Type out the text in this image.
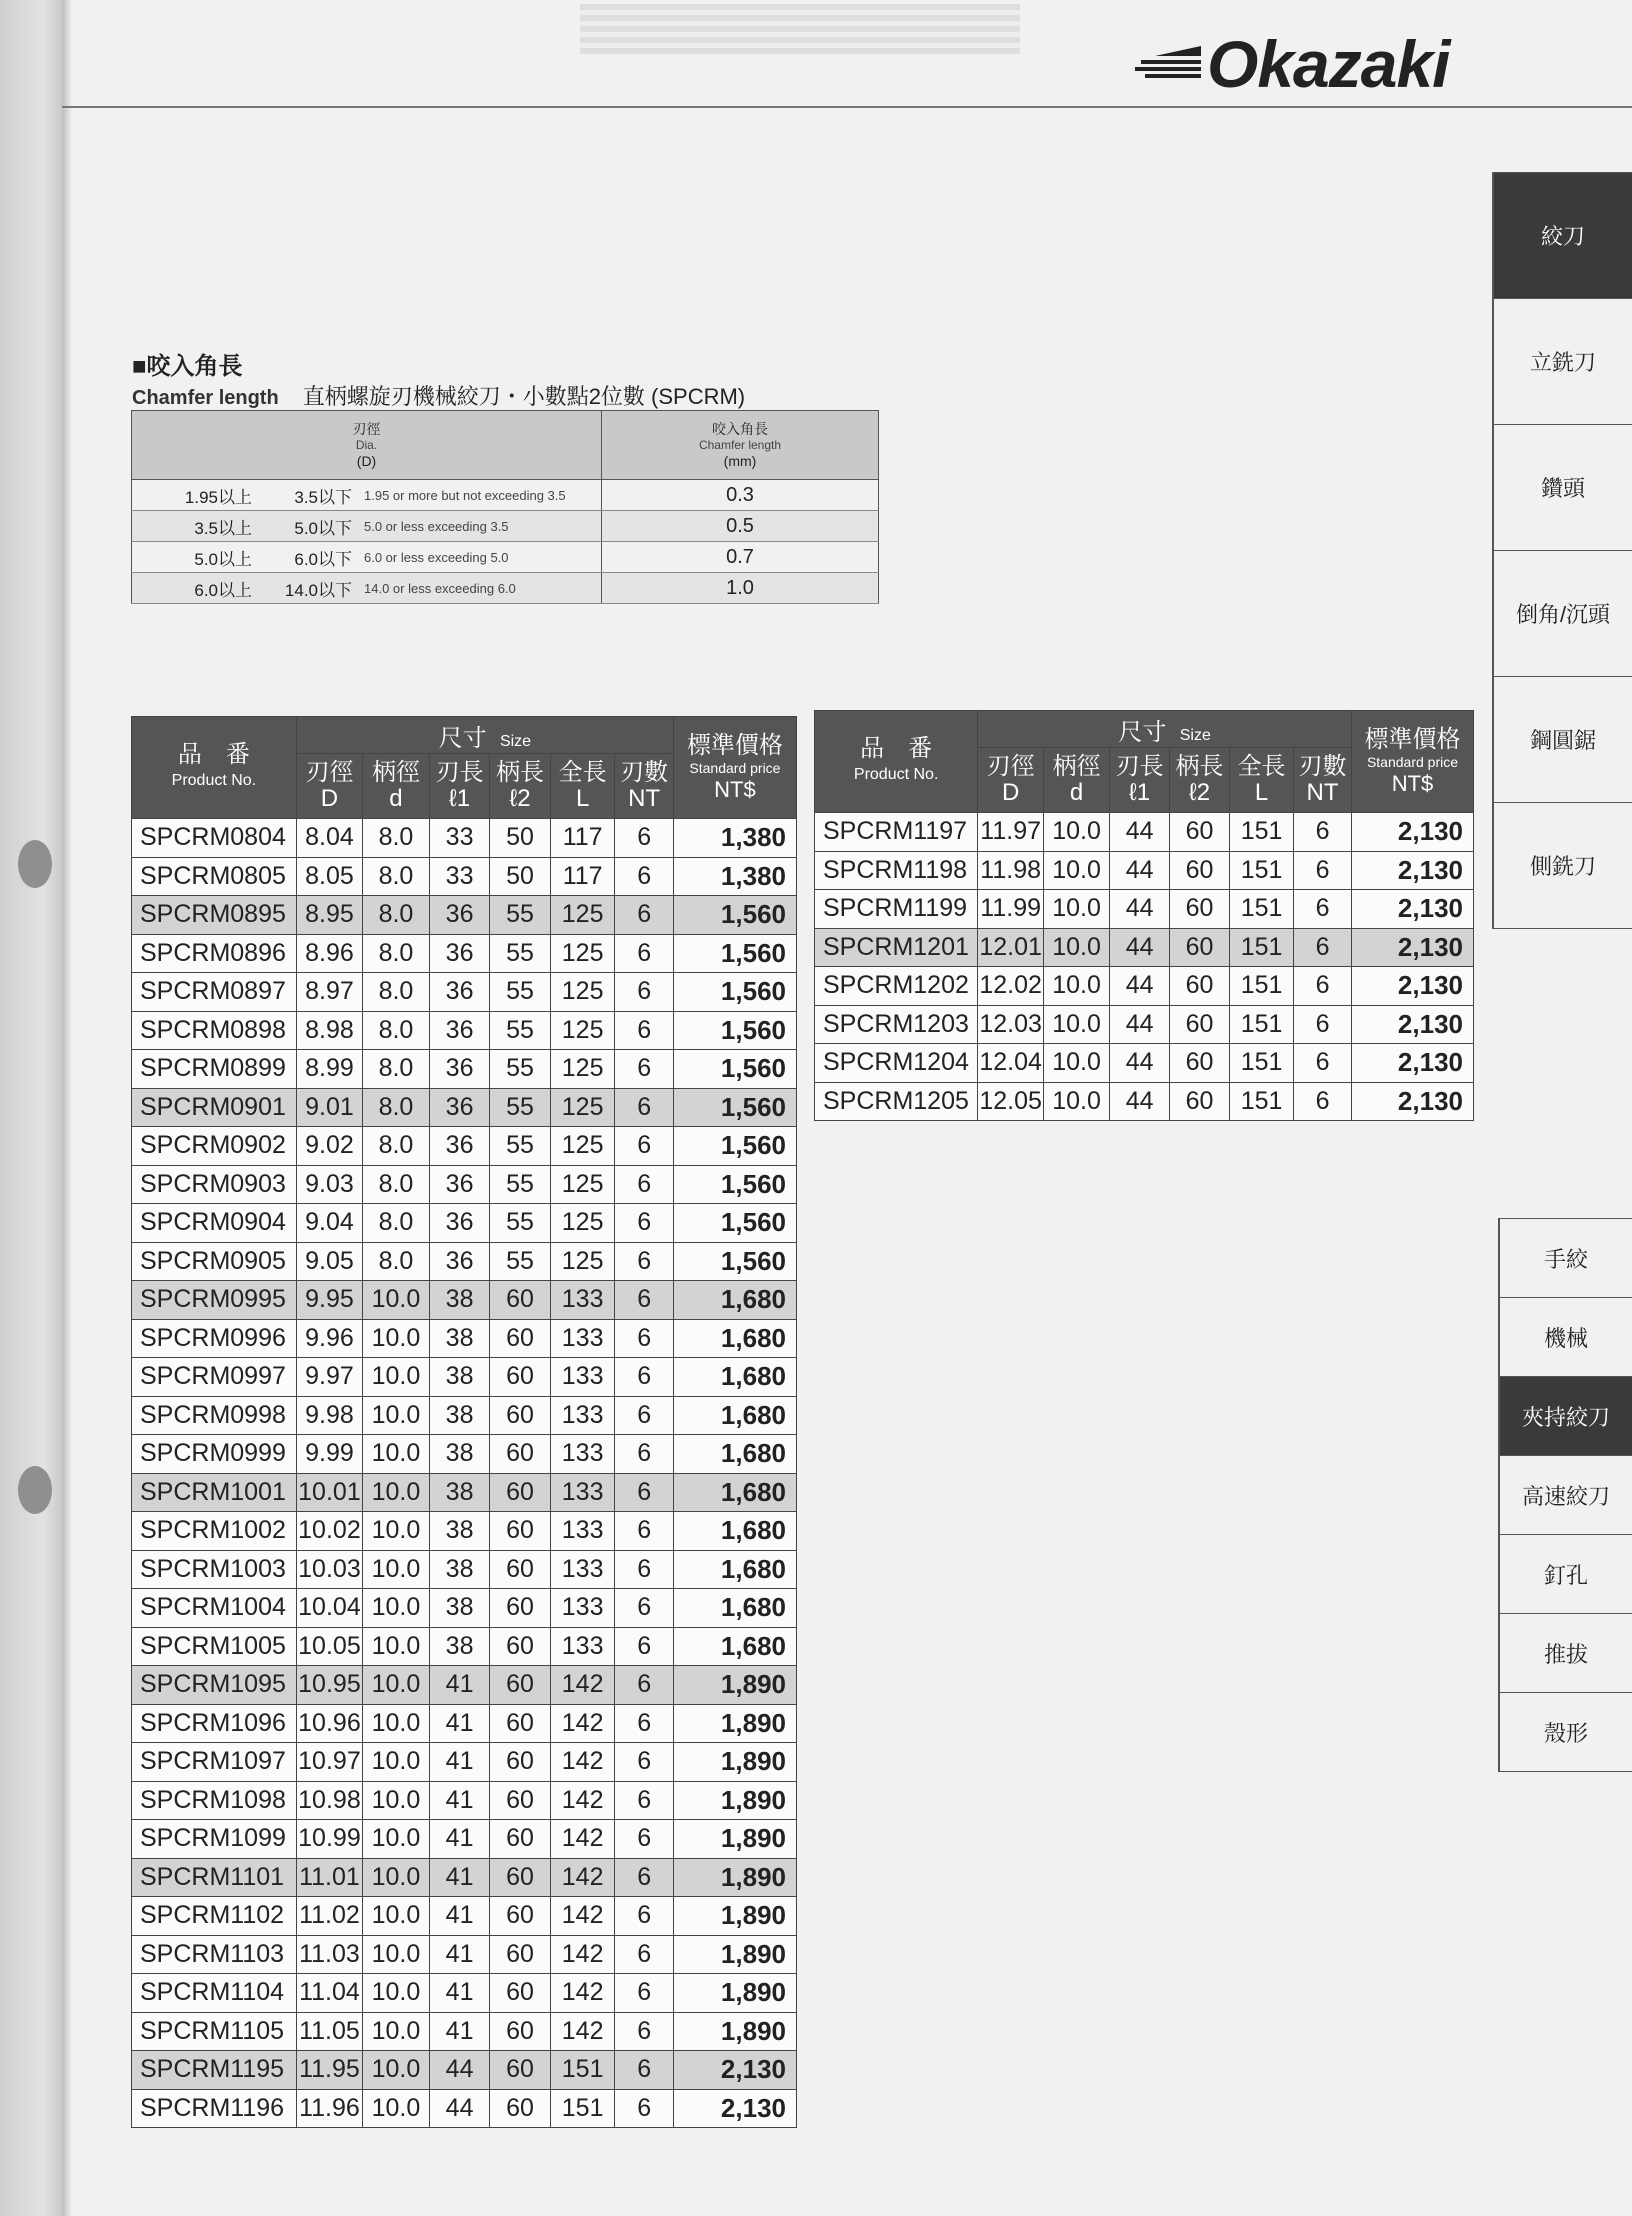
Okazaki
絞刀
立銑刀
鑽頭
倒角/沉頭
鋼圓鋸
側銑刀
手絞
機械
夾持絞刀
高速絞刀
釘孔
推拔
殼形
■咬入角長
Chamfer length 直柄螺旋刃機械絞刀・小數點2位數 (SPCRM)
刃徑
Dia.
(D)	咬入角長
Chamfer length
(mm)

1.95以上 3.5以下 1.95 or more but not exceeding 3.5	0.3

3.5以上 5.0以下 5.0 or less exceeding 3.5	0.5

5.0以上 6.0以下 6.0 or less exceeding 5.0	0.7

6.0以上 14.0以下 14.0 or less exceeding 6.0	1.0
品　番
Product No.	尺寸 Size						標準價格
Standard price
NT$

	刃徑
D	柄徑
d	刃長
ℓ1	柄長
ℓ2	全長
L	刃數
NT	

SPCRM0804	8.04	8.0	33	50	117	6	1,380
SPCRM0805	8.05	8.0	33	50	117	6	1,380
SPCRM0895	8.95	8.0	36	55	125	6	1,560
SPCRM0896	8.96	8.0	36	55	125	6	1,560
SPCRM0897	8.97	8.0	36	55	125	6	1,560
SPCRM0898	8.98	8.0	36	55	125	6	1,560
SPCRM0899	8.99	8.0	36	55	125	6	1,560
SPCRM0901	9.01	8.0	36	55	125	6	1,560
SPCRM0902	9.02	8.0	36	55	125	6	1,560
SPCRM0903	9.03	8.0	36	55	125	6	1,560
SPCRM0904	9.04	8.0	36	55	125	6	1,560
SPCRM0905	9.05	8.0	36	55	125	6	1,560
SPCRM0995	9.95	10.0	38	60	133	6	1,680
SPCRM0996	9.96	10.0	38	60	133	6	1,680
SPCRM0997	9.97	10.0	38	60	133	6	1,680
SPCRM0998	9.98	10.0	38	60	133	6	1,680
SPCRM0999	9.99	10.0	38	60	133	6	1,680
SPCRM1001	10.01	10.0	38	60	133	6	1,680
SPCRM1002	10.02	10.0	38	60	133	6	1,680
SPCRM1003	10.03	10.0	38	60	133	6	1,680
SPCRM1004	10.04	10.0	38	60	133	6	1,680
SPCRM1005	10.05	10.0	38	60	133	6	1,680
SPCRM1095	10.95	10.0	41	60	142	6	1,890
SPCRM1096	10.96	10.0	41	60	142	6	1,890
SPCRM1097	10.97	10.0	41	60	142	6	1,890
SPCRM1098	10.98	10.0	41	60	142	6	1,890
SPCRM1099	10.99	10.0	41	60	142	6	1,890
SPCRM1101	11.01	10.0	41	60	142	6	1,890
SPCRM1102	11.02	10.0	41	60	142	6	1,890
SPCRM1103	11.03	10.0	41	60	142	6	1,890
SPCRM1104	11.04	10.0	41	60	142	6	1,890
SPCRM1105	11.05	10.0	41	60	142	6	1,890
SPCRM1195	11.95	10.0	44	60	151	6	2,130
SPCRM1196	11.96	10.0	44	60	151	6	2,130
品　番
Product No.	尺寸 Size						標準價格
Standard price
NT$

	刃徑
D	柄徑
d	刃長
ℓ1	柄長
ℓ2	全長
L	刃數
NT	

SPCRM1197	11.97	10.0	44	60	151	6	2,130
SPCRM1198	11.98	10.0	44	60	151	6	2,130
SPCRM1199	11.99	10.0	44	60	151	6	2,130
SPCRM1201	12.01	10.0	44	60	151	6	2,130
SPCRM1202	12.02	10.0	44	60	151	6	2,130
SPCRM1203	12.03	10.0	44	60	151	6	2,130
SPCRM1204	12.04	10.0	44	60	151	6	2,130
SPCRM1205	12.05	10.0	44	60	151	6	2,130
